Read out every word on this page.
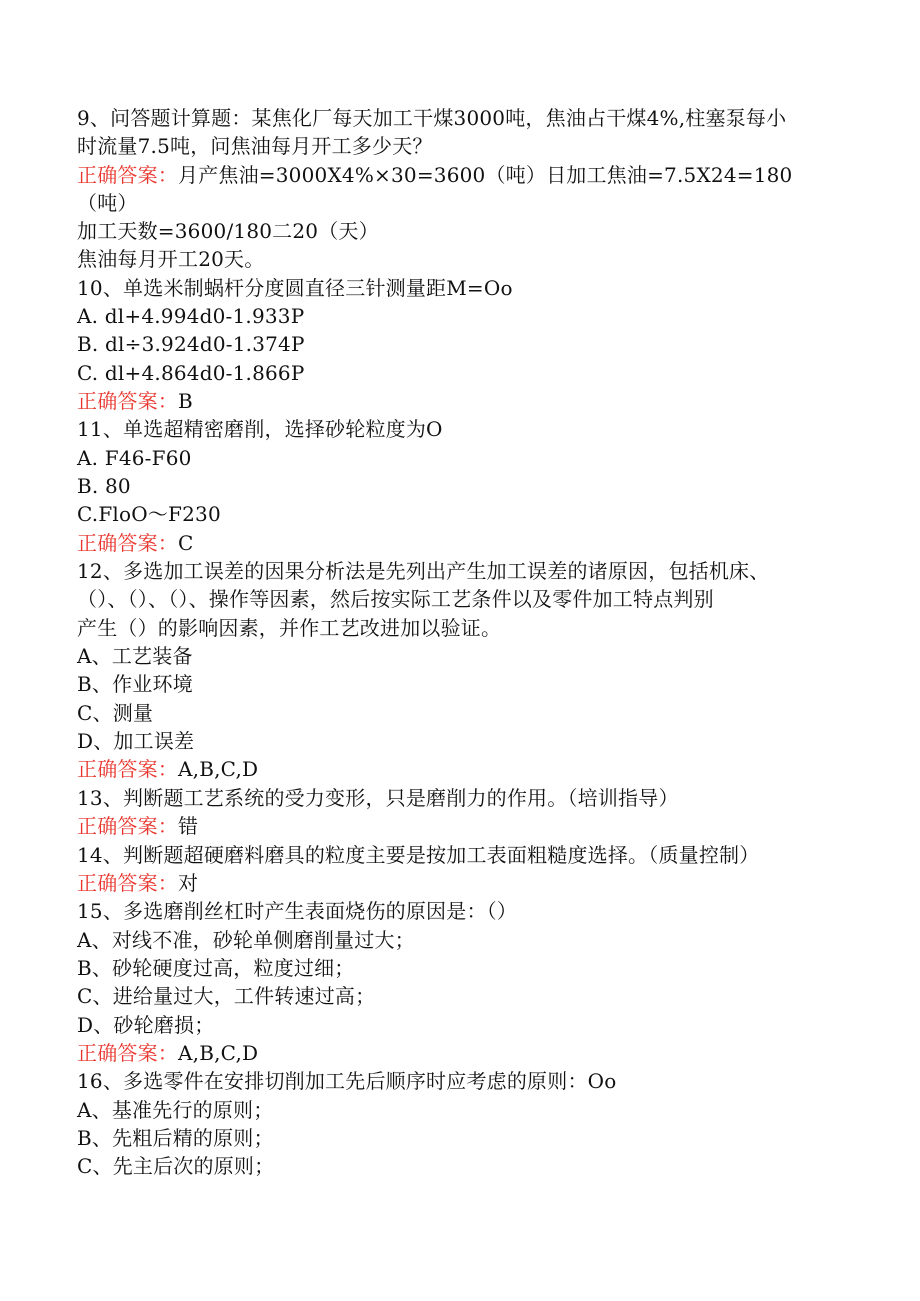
9、问答题计算题：某焦化厂每天加工干煤3000吨，焦油占干煤4%,柱塞泵每小
时流量7.5吨，问焦油每月开工多少天？
正确答案：月产焦油=3000X4%×30=3600（吨）日加工焦油=7.5X24=180
（吨）
加工天数=3600/180二20（天）
焦油每月开工20天。
10、单选米制蜗杆分度圆直径三针测量距M=Oo
A. dl+4.994d0-1.933P
B. dl÷3.924d0-1.374P
C. dl+4.864d0-1.866P
正确答案：B
11、单选超精密磨削，选择砂轮粒度为O
A. F46-F60
B. 80
C.FloO～F230
正确答案：C
12、多选加工误差的因果分析法是先列出产生加工误差的诸原因，包括机床、
（）、（）、（）、操作等因素，然后按实际工艺条件以及零件加工特点判别
产生（）的影响因素，并作工艺改进加以验证。
A、工艺装备
B、作业环境
C、测量
D、加工误差
正确答案：A,B,C,D
13、判断题工艺系统的受力变形，只是磨削力的作用。（培训指导）
正确答案：错
14、判断题超硬磨料磨具的粒度主要是按加工表面粗糙度选择。（质量控制）
正确答案：对
15、多选磨削丝杠时产生表面烧伤的原因是：（）
A、对线不准，砂轮单侧磨削量过大；
B、砂轮硬度过高，粒度过细；
C、进给量过大，工件转速过高；
D、砂轮磨损；
正确答案：A,B,C,D
16、多选零件在安排切削加工先后顺序时应考虑的原则：Oo
A、基准先行的原则；
B、先粗后精的原则；
C、先主后次的原则；
